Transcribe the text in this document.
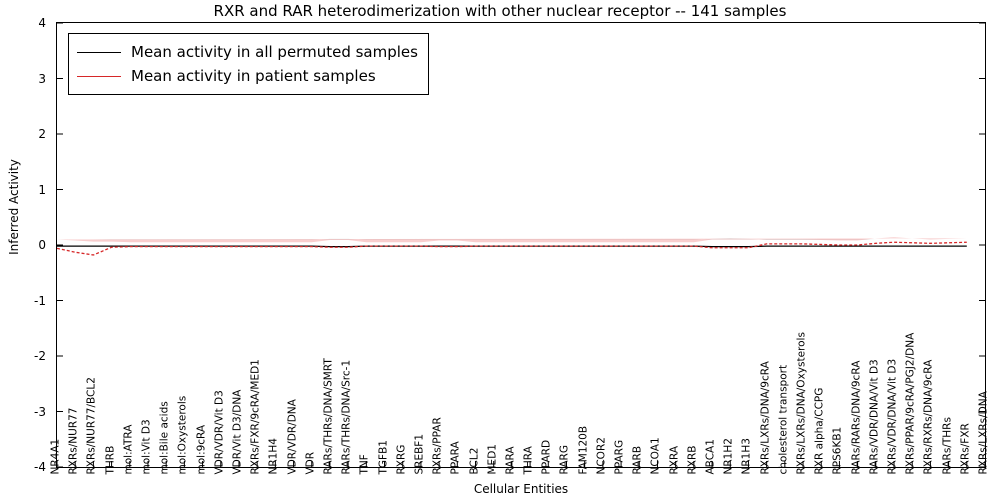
RXR and RAR heterodimerization with other nuclear receptor -- 141 samples
-4
-3
-2
-1
0
1
2
3
4
Inferred Activity
NR4A1 RXRs/NUR77 RXRs/NUR77/BCL2 THRB mol:ATRA mol:Vit D3 mol:Bile acids mol:Oxysterols mol:9cRA VDR/VDR/Vit D3 VDR/Vit D3/DNA RXRs/FXR/9cRA/MED1 NR1H4 VDR/VDR/DNA VDR RARs/THRs/DNA/SMRT RARs/THRs/DNA/Src-1 TNF TGFB1 RXRG SREBF1 RXRs/PPAR PPARA BCL2 MED1 RARA THRA PPARD RARG FAM120B NCOR2 PPARG RARB NCOA1 RXRA RXRB ABCA1 NR1H2 NR1H3 RXRs/LXRs/DNA/9cRA cholesterol transport RXRs/LXRs/DNA/Oxysterols RXR alpha/CCPG RPS6KB1 RARs/RARs/DNA/9cRA RARs/VDR/DNA/Vit D3 RXRs/VDR/DNA/Vit D3 RXRs/PPAR/9cRA/PGJ2/DNA RXRs/RXRs/DNA/9cRA RARs/THRs RXRs/FXR RXRs/LXRs/DNA
Cellular Entities
Mean activity in all permuted samples
Mean activity in patient samples
